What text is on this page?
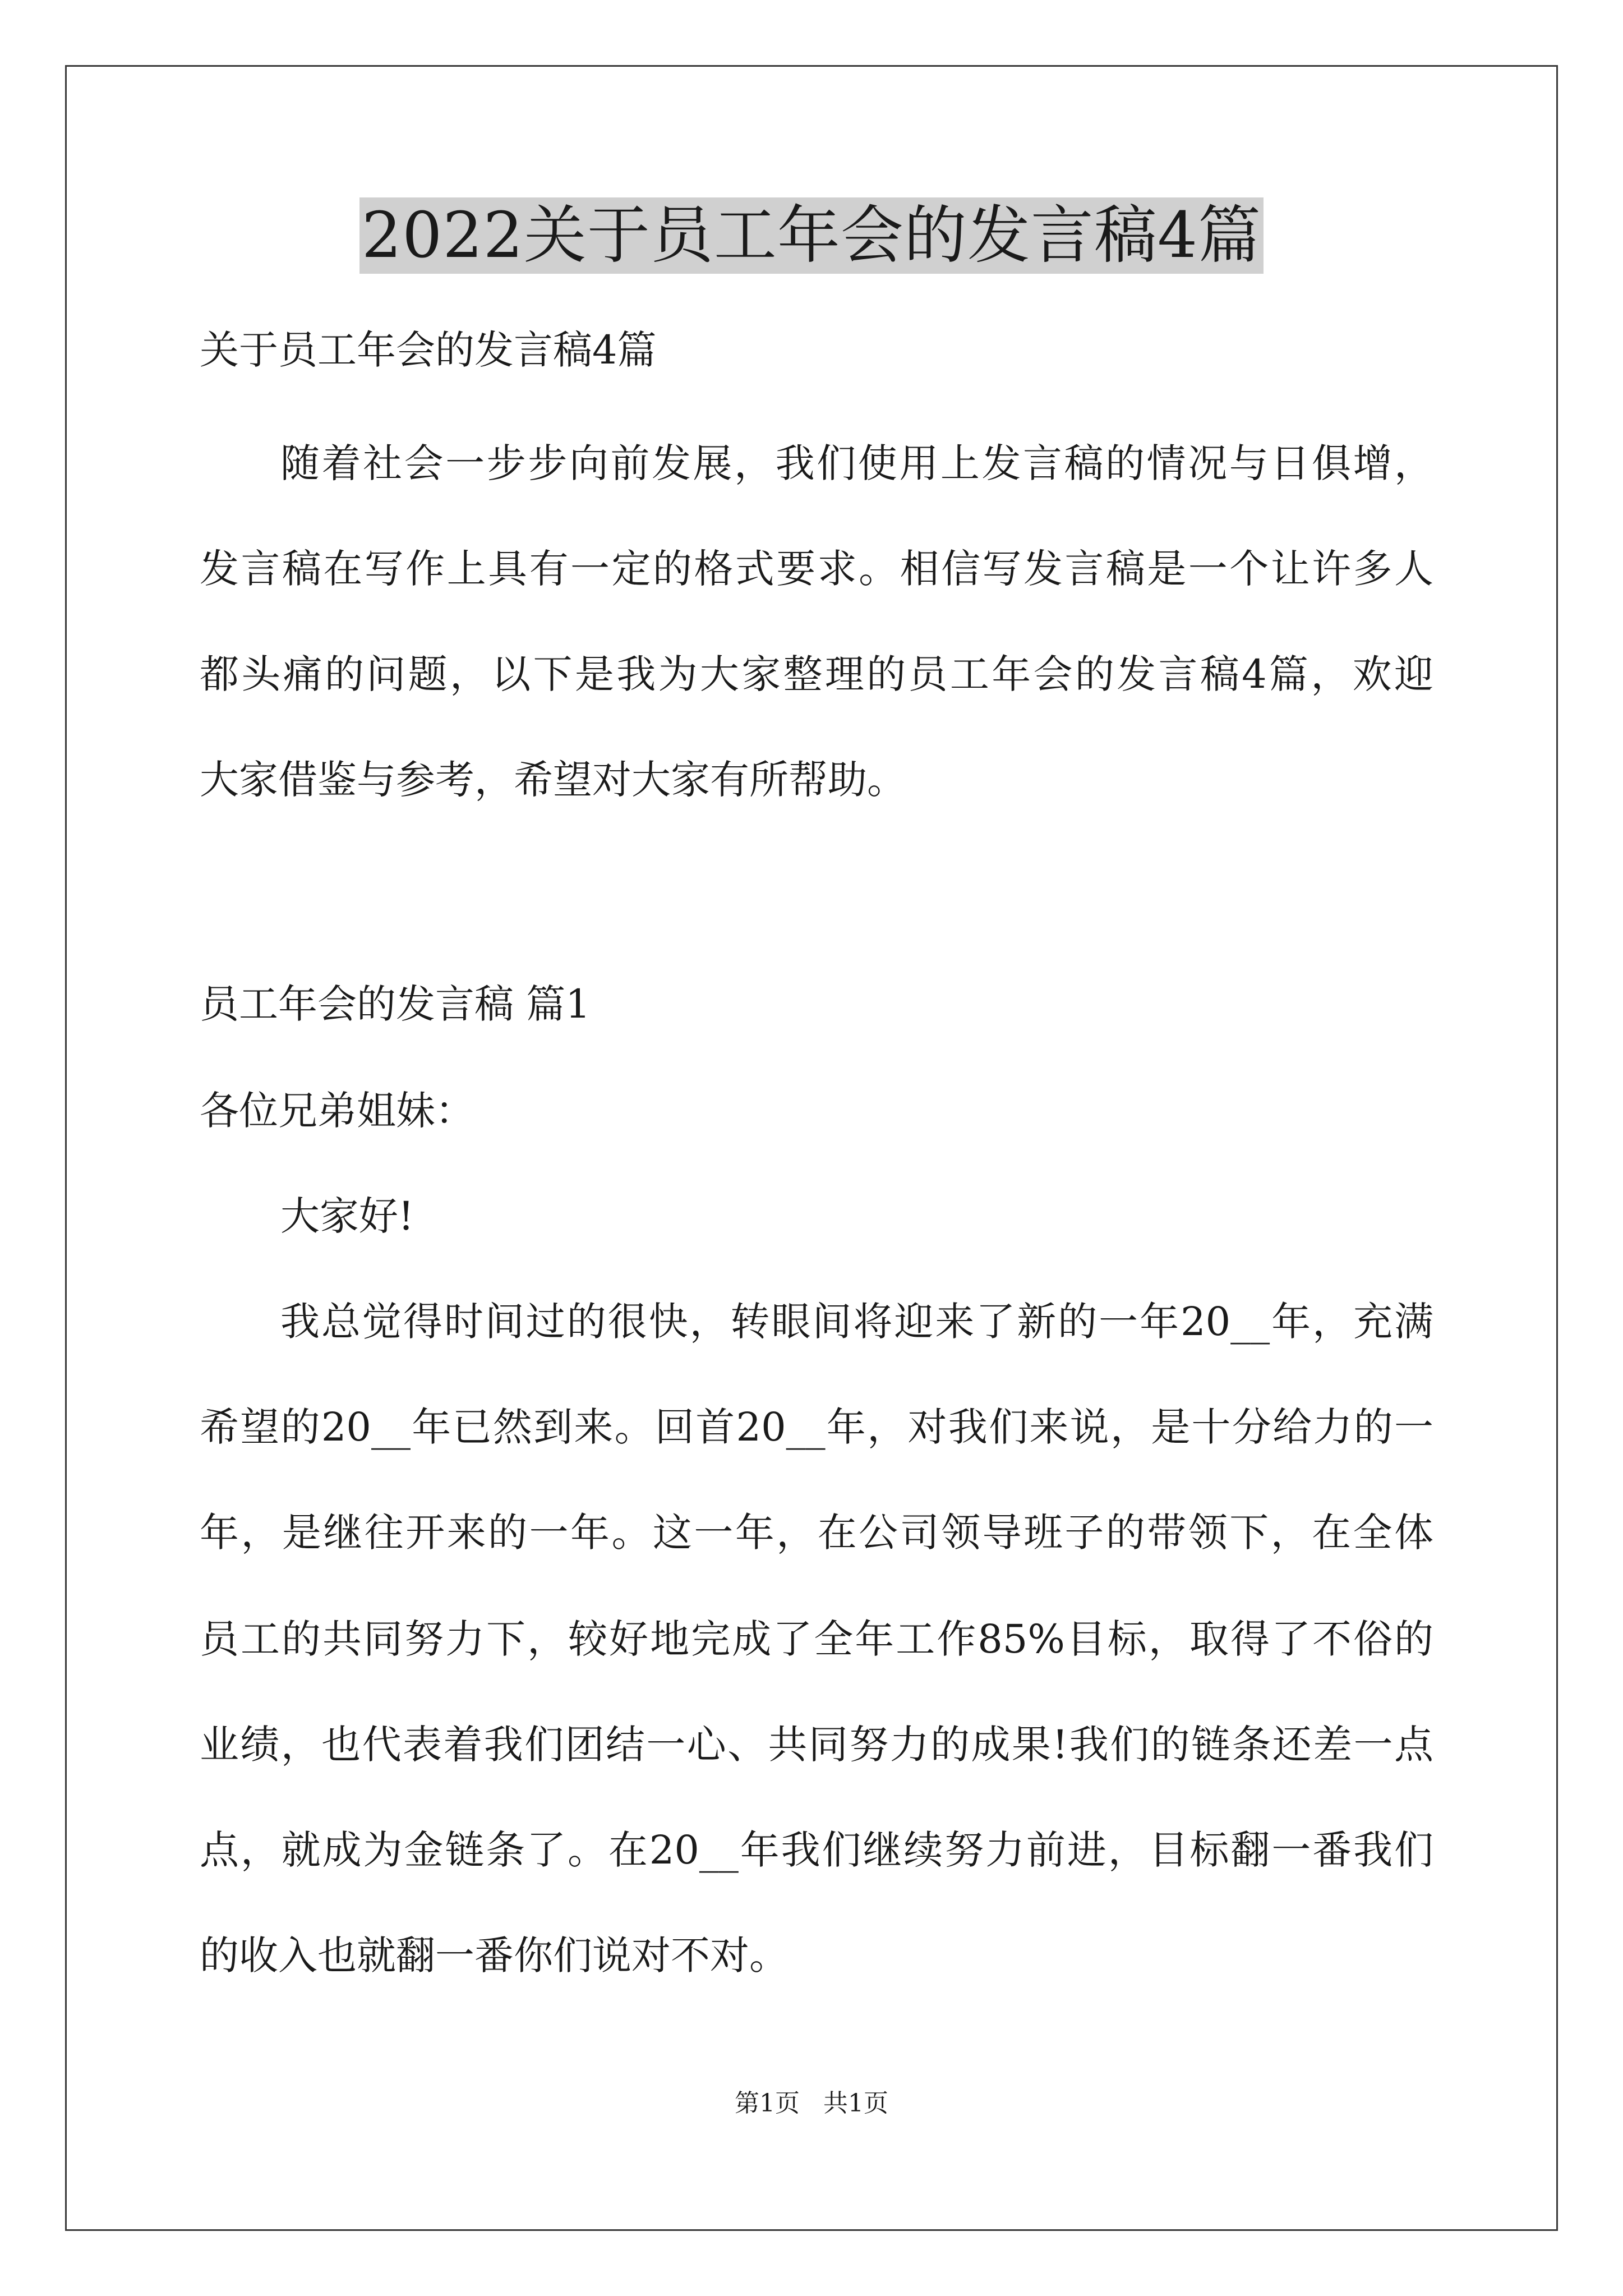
2022关于员工年会的发言稿4篇
关于员工年会的发言稿4篇
随着社会一步步向前发展，我们使用上发言稿的情况与日俱增，
发言稿在写作上具有一定的格式要求。相信写发言稿是一个让许多人
都头痛的问题，以下是我为大家整理的员工年会的发言稿4篇，欢迎
大家借鉴与参考，希望对大家有所帮助。
员工年会的发言稿 篇1
各位兄弟姐妹：
大家好!
我总觉得时间过的很快，转眼间将迎来了新的一年20__年，充满
希望的20__年已然到来。回首20__年，对我们来说，是十分给力的一
年，是继往开来的一年。这一年，在公司领导班子的带领下，在全体
员工的共同努力下，较好地完成了全年工作85%目标，取得了不俗的
业绩，也代表着我们团结一心、共同努力的成果!我们的链条还差一点
点，就成为金链条了。在20__年我们继续努力前进，目标翻一番我们
的收入也就翻一番你们说对不对。
第1页   共1页
